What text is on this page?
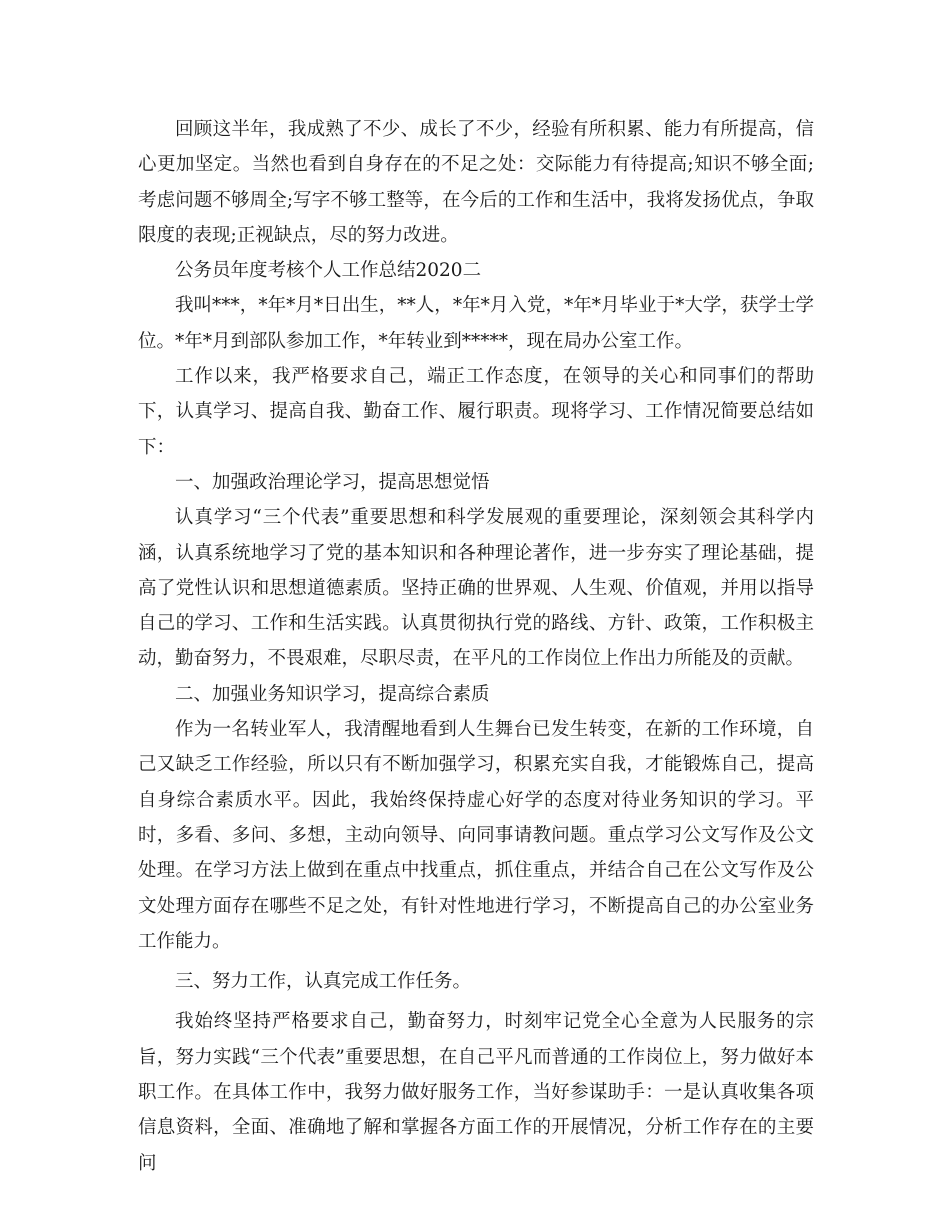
回顾这半年，我成熟了不少、成长了不少，经验有所积累、能力有所提高，信心更加坚定。当然也看到自身存在的不足之处：交际能力有待提高;知识不够全面;考虑问题不够周全;写字不够工整等，在今后的工作和生活中，我将发扬优点，争取限度的表现;正视缺点，尽的努力改进。

公务员年度考核个人工作总结2020二

我叫***，*年*月*日出生，**人，*年*月入党，*年*月毕业于*大学，获学士学位。*年*月到部队参加工作，*年转业到*****，现在局办公室工作。

工作以来，我严格要求自己，端正工作态度，在领导的关心和同事们的帮助下，认真学习、提高自我、勤奋工作、履行职责。现将学习、工作情况简要总结如下：

一、加强政治理论学习，提高思想觉悟

认真学习“三个代表”重要思想和科学发展观的重要理论，深刻领会其科学内涵，认真系统地学习了党的基本知识和各种理论著作，进一步夯实了理论基础，提高了党性认识和思想道德素质。坚持正确的世界观、人生观、价值观，并用以指导自己的学习、工作和生活实践。认真贯彻执行党的路线、方针、政策，工作积极主动，勤奋努力，不畏艰难，尽职尽责，在平凡的工作岗位上作出力所能及的贡献。

二、加强业务知识学习，提高综合素质

作为一名转业军人，我清醒地看到人生舞台已发生转变，在新的工作环境，自己又缺乏工作经验，所以只有不断加强学习，积累充实自我，才能锻炼自己，提高自身综合素质水平。因此，我始终保持虚心好学的态度对待业务知识的学习。平时，多看、多问、多想，主动向领导、向同事请教问题。重点学习公文写作及公文处理。在学习方法上做到在重点中找重点，抓住重点，并结合自己在公文写作及公文处理方面存在哪些不足之处，有针对性地进行学习，不断提高自己的办公室业务工作能力。

三、努力工作，认真完成工作任务。

我始终坚持严格要求自己，勤奋努力，时刻牢记党全心全意为人民服务的宗旨，努力实践“三个代表”重要思想，在自己平凡而普通的工作岗位上，努力做好本职工作。在具体工作中，我努力做好服务工作，当好参谋助手：一是认真收集各项信息资料，全面、准确地了解和掌握各方面工作的开展情况，分析工作存在的主要问
